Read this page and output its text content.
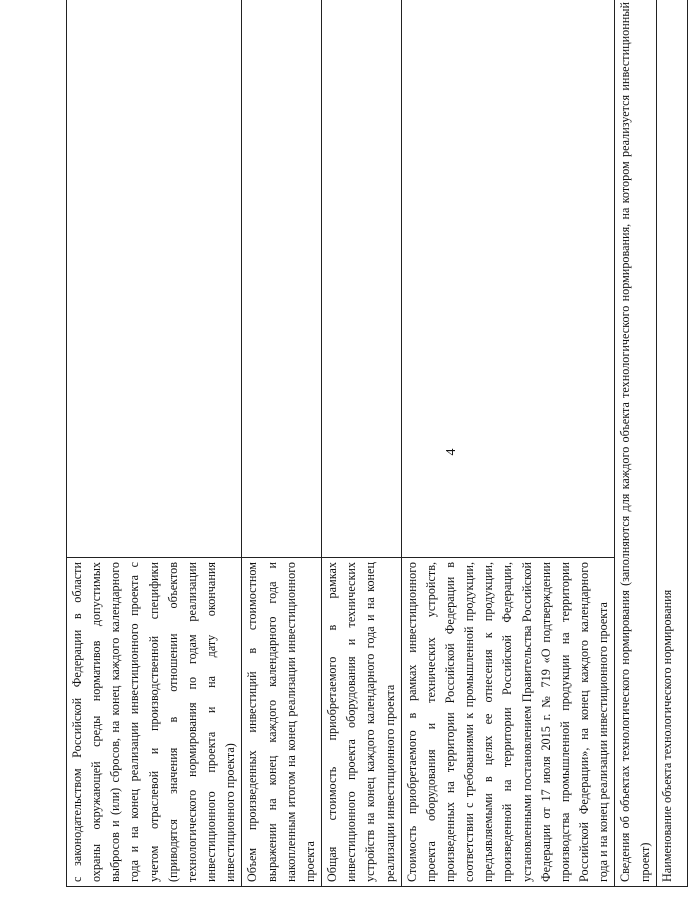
4
с законодательством Российской Федерации в области охраны окружающей среды нормативов допустимых выбросов и (или) сбросов, на конец каждого календарного года и на конец реализации инвестиционного проекта с учетом отраслевой и производственной специфики (приводятся значения в отношении объектов технологического нормирования по годам реализации инвестиционного проекта и на дату окончания инвестиционного проекта)	
Объем произведенных инвестиций в стоимостном выражении на конец каждого календарного года и накопленным итогом на конец реализации инвестиционного проекта	
Общая стоимость приобретаемого в рамках инвестиционного проекта оборудования и технических устройств на конец каждого календарного года и на конец реализации инвестиционного проекта	
Стоимость приобретаемого в рамках инвестиционного проекта оборудования и технических устройств, произведенных на территории Российской Федерации в соответствии с требованиями к промышленной продукции, предъявляемыми в целях ее отнесения к продукции, произведенной на территории Российской Федерации, установленными постановлением Правительства Российской Федерации от 17 июля 2015 г. № 719 «О подтверждении производства промышленной продукции на территории Российской Федерации», на конец каждого календарного года и на конец реализации инвестиционного проекта	
Сведения об объектах технологического нормирования (заполняются для каждого объекта технологического нормирования, на котором реализуется инвестиционный проект)	
Наименование объекта технологического нормирования	
